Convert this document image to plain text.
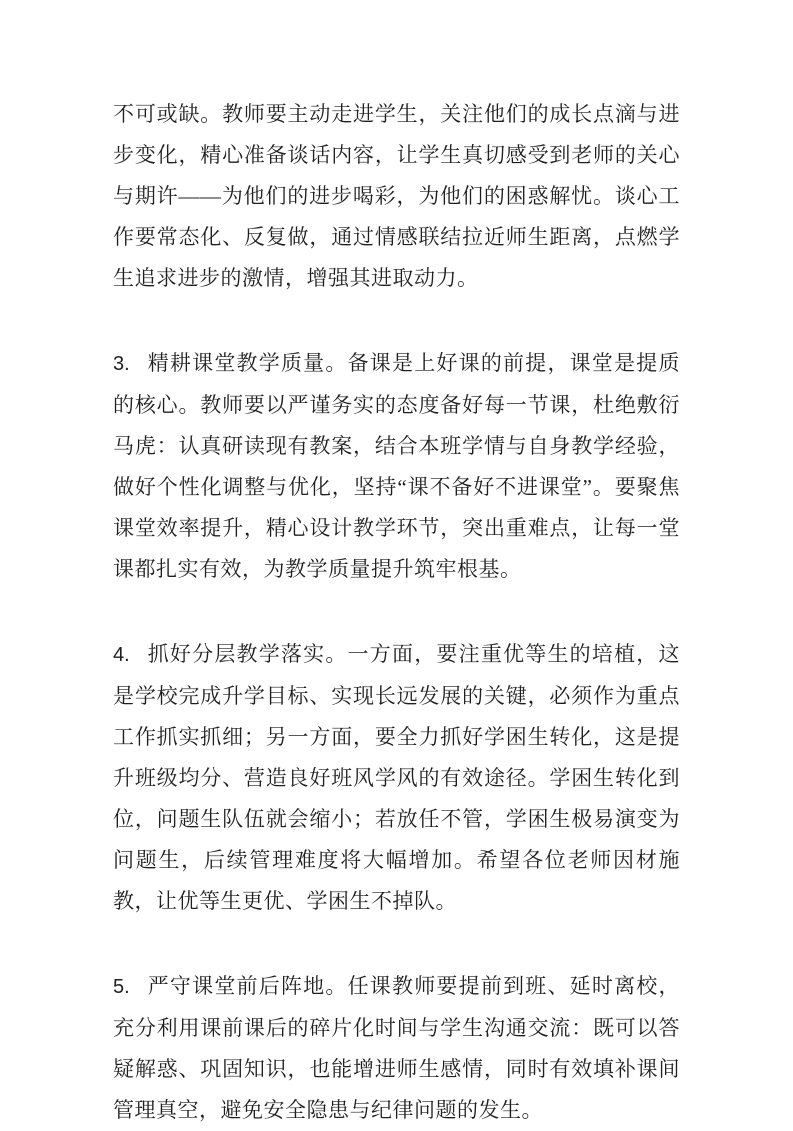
不可或缺。教师要主动走进学生，关注他们的成长点滴与进步变化，精心准备谈话内容，让学生真切感受到老师的关心与期许——为他们的进步喝彩，为他们的困惑解忧。谈心工作要常态化、反复做，通过情感联结拉近师生距离，点燃学生追求进步的激情，增强其进取动力。

3. 精耕课堂教学质量。备课是上好课的前提，课堂是提质的核心。教师要以严谨务实的态度备好每一节课，杜绝敷衍马虎：认真研读现有教案，结合本班学情与自身教学经验，做好个性化调整与优化，坚持“课不备好不进课堂”。要聚焦课堂效率提升，精心设计教学环节，突出重难点，让每一堂课都扎实有效，为教学质量提升筑牢根基。

4. 抓好分层教学落实。一方面，要注重优等生的培植，这是学校完成升学目标、实现长远发展的关键，必须作为重点工作抓实抓细；另一方面，要全力抓好学困生转化，这是提升班级均分、营造良好班风学风的有效途径。学困生转化到位，问题生队伍就会缩小；若放任不管，学困生极易演变为问题生，后续管理难度将大幅增加。希望各位老师因材施教，让优等生更优、学困生不掉队。

5. 严守课堂前后阵地。任课教师要提前到班、延时离校，充分利用课前课后的碎片化时间与学生沟通交流：既可以答疑解惑、巩固知识，也能增进师生感情，同时有效填补课间管理真空，避免安全隐患与纪律问题的发生。
